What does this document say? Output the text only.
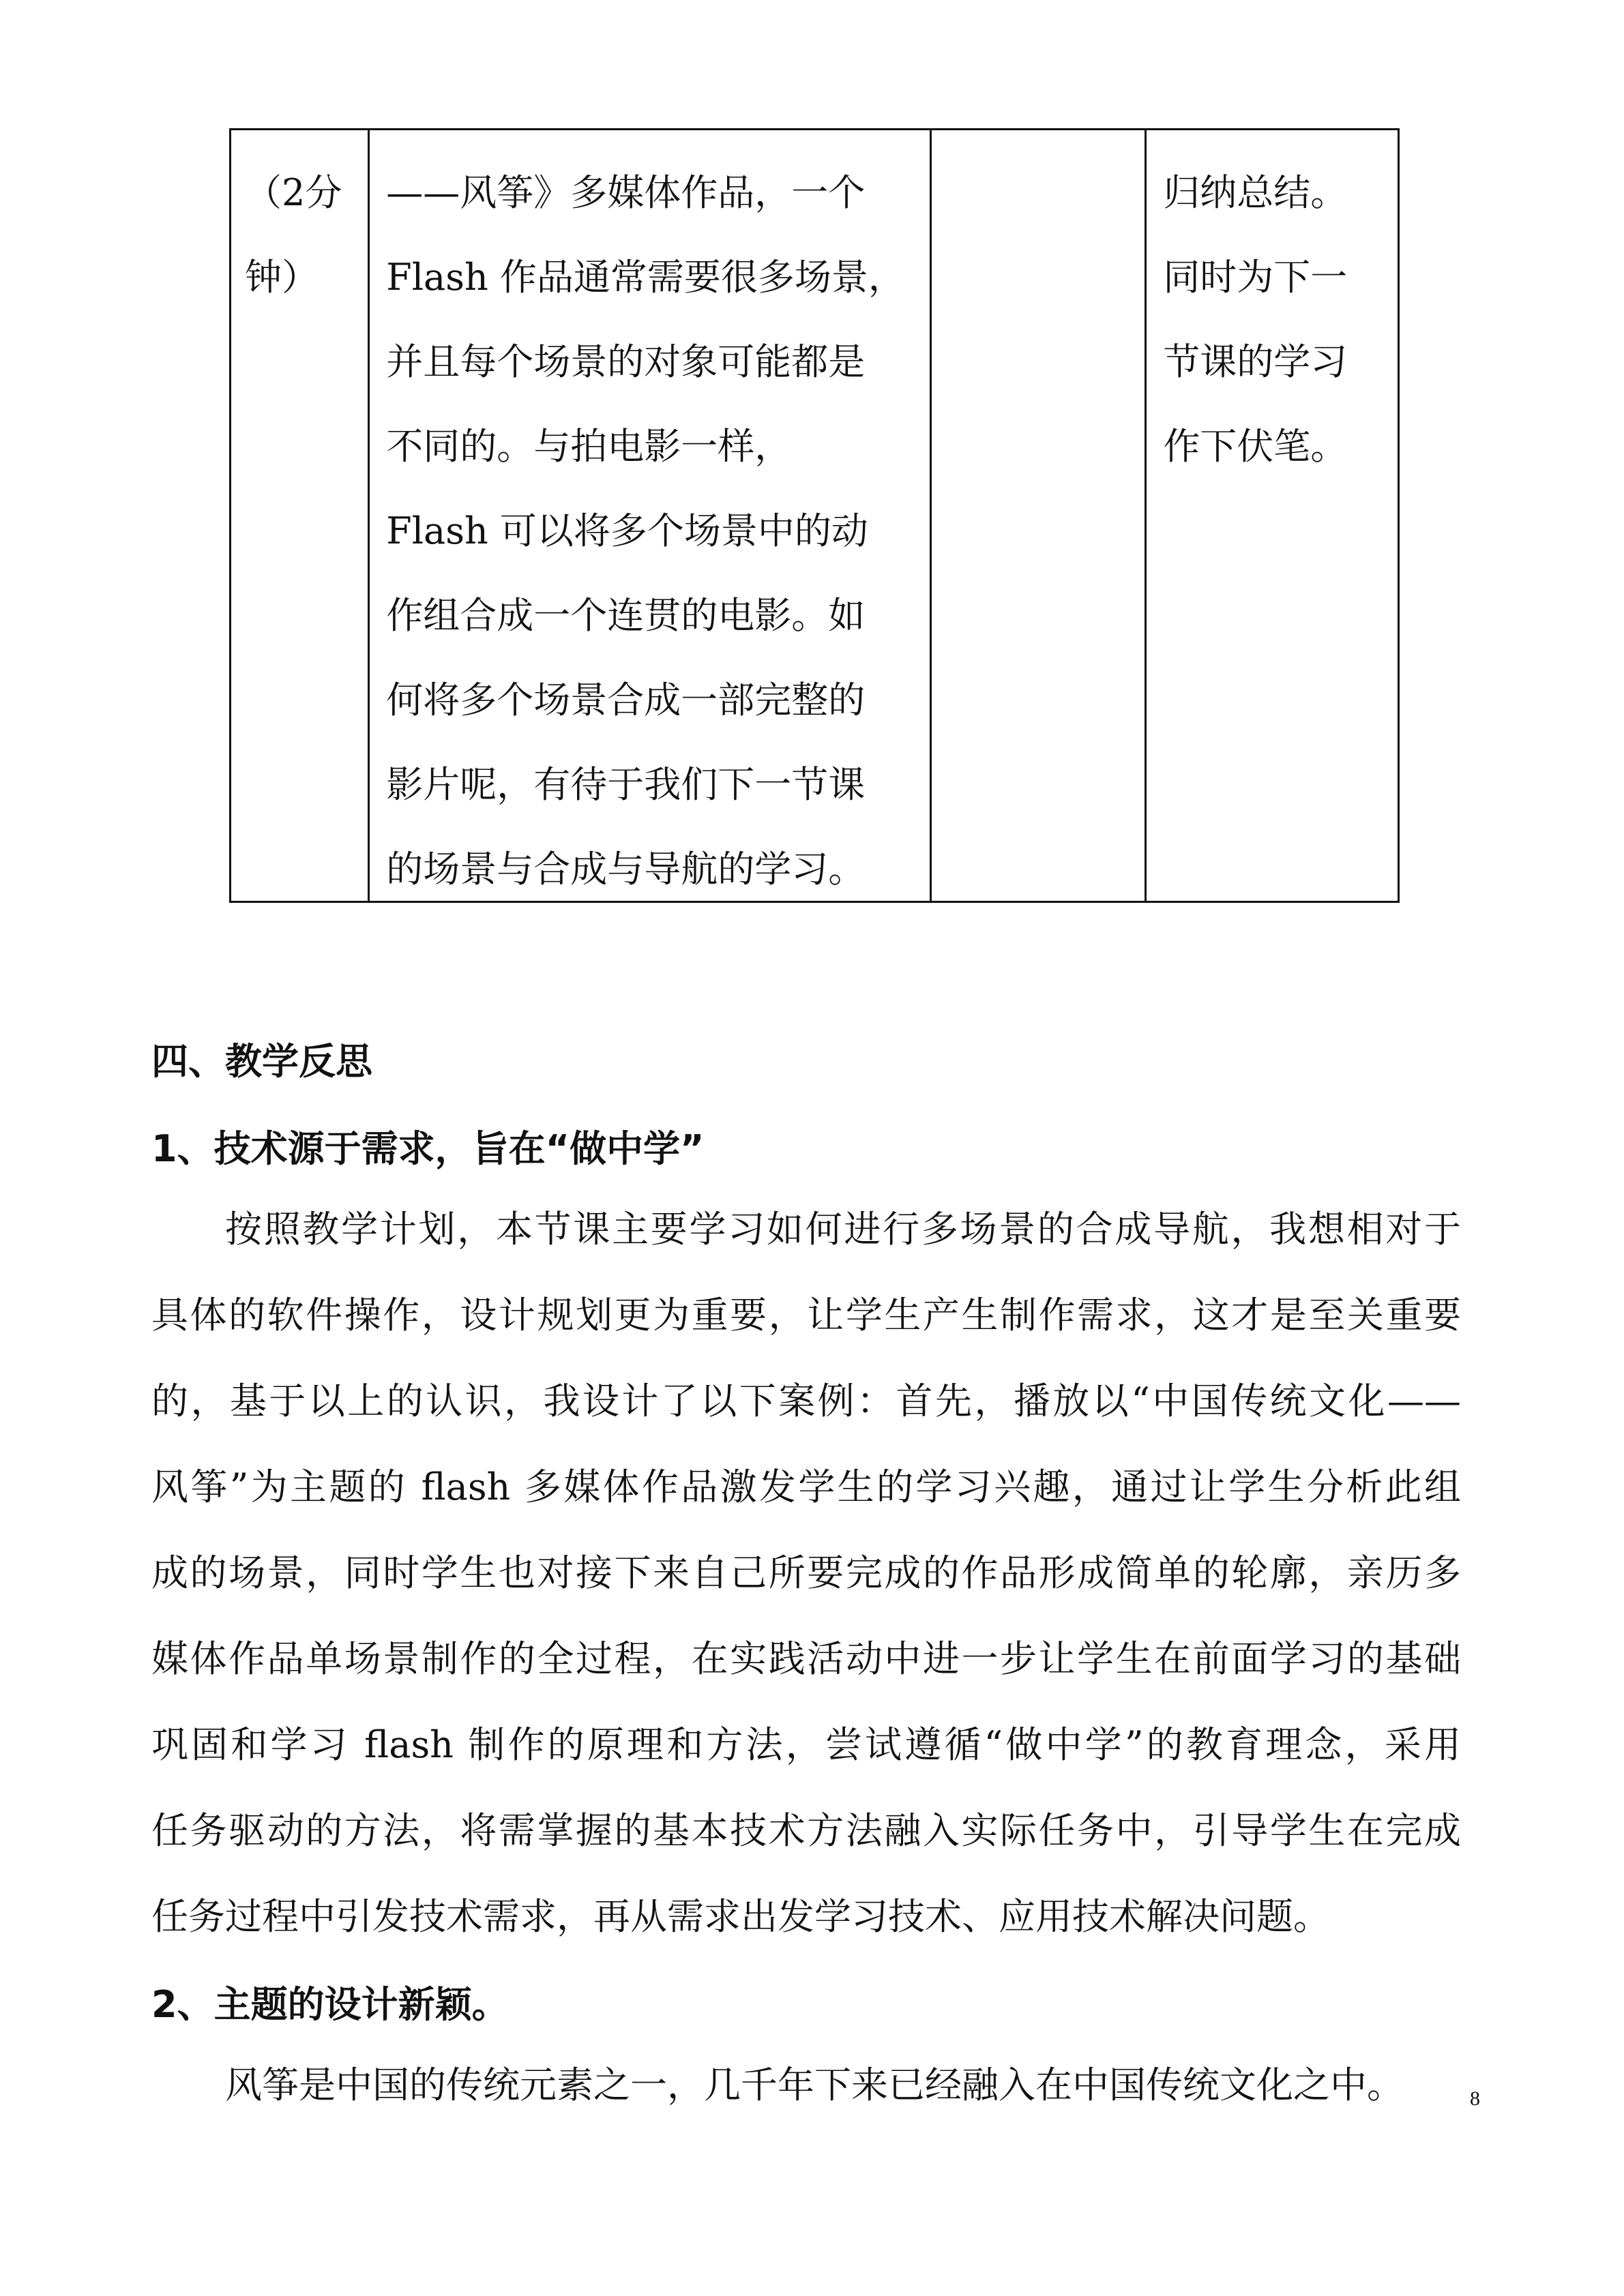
（2分
钟）
——风筝》多媒体作品，一个
Flash 作品通常需要很多场景，
并且每个场景的对象可能都是
不同的。与拍电影一样，
Flash 可以将多个场景中的动
作组合成一个连贯的电影。如
何将多个场景合成一部完整的
影片呢，有待于我们下一节课
的场景与合成与导航的学习。
归纳总结。
同时为下一
节课的学习
作下伏笔。
四、教学反思
1、技术源于需求，旨在“做中学”
按照教学计划，本节课主要学习如何进行多场景的合成导航，我想相对于
具体的软件操作，设计规划更为重要，让学生产生制作需求，这才是至关重要
的，基于以上的认识，我设计了以下案例：首先，播放以“中国传统文化——
风筝”为主题的 flash 多媒体作品激发学生的学习兴趣，通过让学生分析此组
成的场景，同时学生也对接下来自己所要完成的作品形成简单的轮廓，亲历多
媒体作品单场景制作的全过程，在实践活动中进一步让学生在前面学习的基础
巩固和学习 flash 制作的原理和方法，尝试遵循“做中学”的教育理念，采用
任务驱动的方法，将需掌握的基本技术方法融入实际任务中，引导学生在完成
任务过程中引发技术需求，再从需求出发学习技术、应用技术解决问题。
2、主题的设计新颖。
风筝是中国的传统元素之一，几千年下来已经融入在中国传统文化之中。	8
